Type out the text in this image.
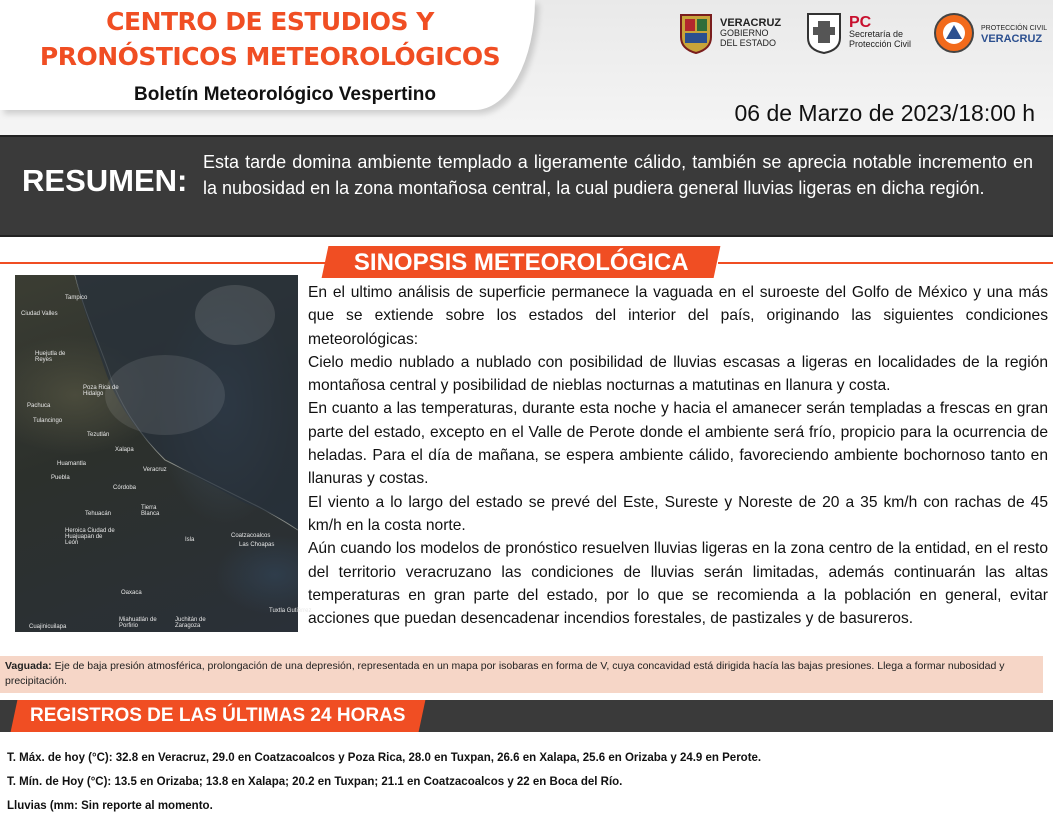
CENTRO DE ESTUDIOS Y
PRONÓSTICOS METEOROLÓGICOS
Boletín Meteorológico Vespertino
06 de Marzo de 2023/18:00 h
VERACRUZ
GOBIERNO
DEL ESTADO
PC
Secretaría de
Protección Civil
PROTECCIÓN CIVIL
VERACRUZ
RESUMEN:
Esta tarde domina ambiente templado a ligeramente cálido, también se aprecia notable incremento en la nubosidad en la zona montañosa central, la cual pudiera general lluvias ligeras en dicha región.
SINOPSIS METEOROLÓGICA
Tampico
Ciudad Valles
Huejutla de Reyes
Poza Rica de Hidalgo
Pachuca
Tulancingo
Tezutlán
Xalapa
Huamantla
Veracruz
Puebla
Córdoba
Tehuacán
Tierra Blanca
Coatzacoalcos
Las Choapas
Heroica Ciudad de Huajuapan de León	Isla
Oaxaca
Tuxtla Gutiérrez
Cuajinicuilapa
Miahuatlán de Porfirio
Juchitán de Zaragoza

En el ultimo análisis de superficie permanece la vaguada en el suroeste del Golfo de México y una más que se extiende sobre los estados del interior del país, originando las siguientes condiciones meteorológicas:

Cielo medio nublado a nublado con posibilidad de lluvias escasas a ligeras en localidades de la región montañosa central y posibilidad de nieblas nocturnas a matutinas en llanura y costa.

En cuanto a las temperaturas, durante esta noche y hacia el amanecer serán templadas a frescas en gran parte del estado, excepto en el Valle de Perote donde el ambiente será frío, propicio para la ocurrencia de heladas. Para el día de mañana, se espera ambiente cálido, favoreciendo ambiente bochornoso tanto en llanuras y costas.

El viento a lo largo del estado se prevé del Este, Sureste y Noreste de 20 a 35 km/h con rachas de 45 km/h en la costa norte.

Aún cuando los modelos de pronóstico resuelven lluvias ligeras en la zona centro de la entidad, en el resto del territorio veracruzano las condiciones de lluvias serán limitadas, además continuarán las altas temperaturas en gran parte del estado, por lo que se recomienda a la población en general, evitar acciones que puedan desencadenar incendios forestales, de pastizales y de basureros.

Vaguada: Eje de baja presión atmosférica, prolongación de una depresión, representada en un mapa por isobaras en forma de V, cuya concavidad está dirigida hacía las bajas presiones. Llega a formar nubosidad y precipitación.
REGISTROS DE LAS ÚLTIMAS 24 HORAS
T. Máx. de hoy (°C): 32.8 en Veracruz, 29.0 en Coatzacoalcos y Poza Rica, 28.0 en Tuxpan, 26.6 en Xalapa, 25.6 en Orizaba y 24.9 en Perote.
T. Mín. de Hoy (°C): 13.5 en Orizaba; 13.8 en Xalapa; 20.2 en Tuxpan; 21.1 en Coatzacoalcos y 22 en Boca del Río.
Lluvias (mm: Sin reporte al momento.
